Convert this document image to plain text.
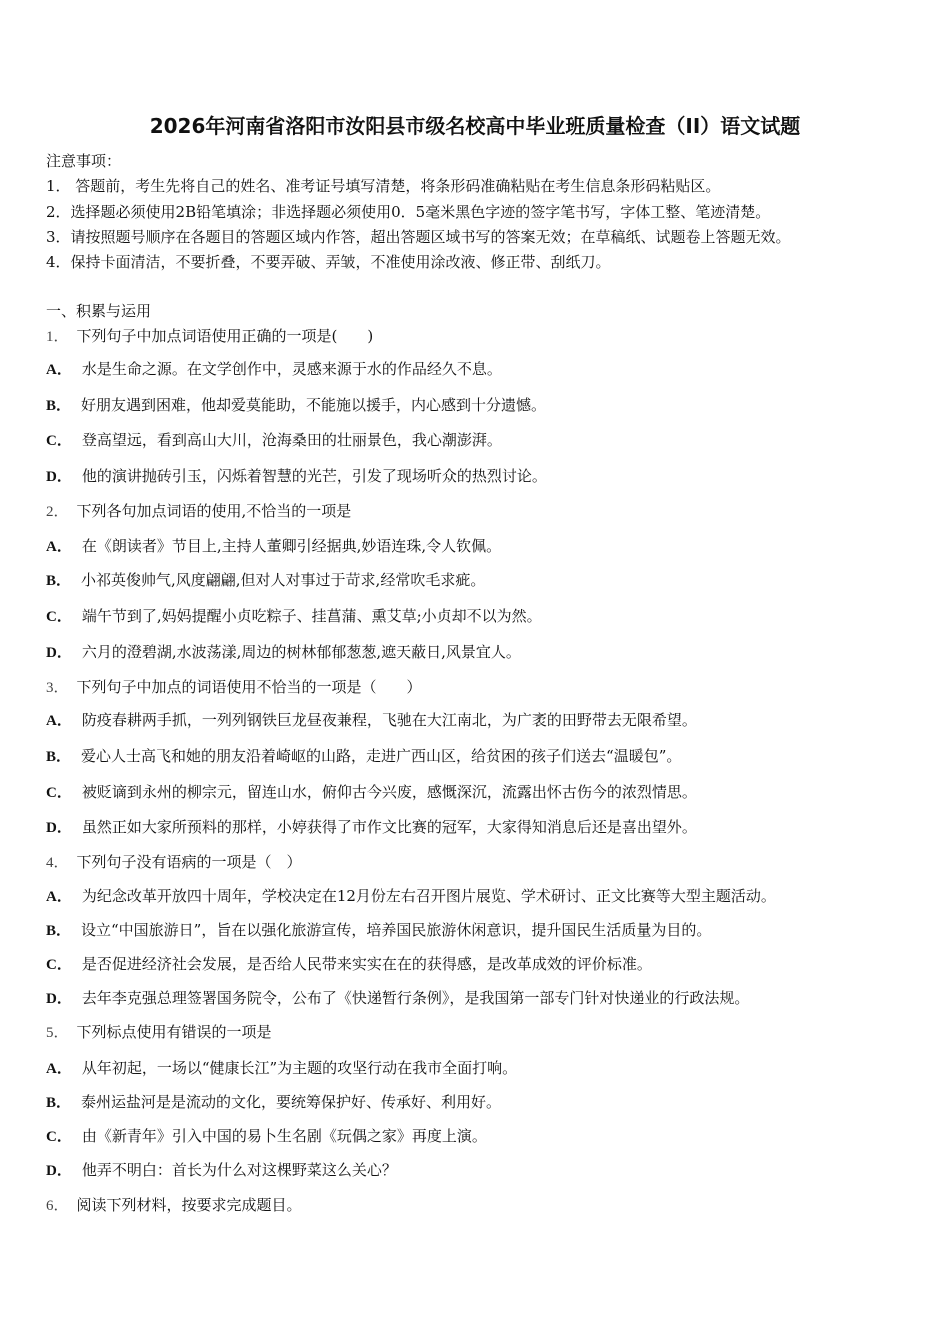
2026年河南省洛阳市汝阳县市级名校高中毕业班质量检查（II）语文试题
注意事项：
1． 答题前，考生先将自己的姓名、准考证号填写清楚，将条形码准确粘贴在考生信息条形码粘贴区。
2．选择题必须使用2B铅笔填涂；非选择题必须使用0．5毫米黑色字迹的签字笔书写，字体工整、笔迹清楚。
3．请按照题号顺序在各题目的答题区域内作答，超出答题区域书写的答案无效；在草稿纸、试题卷上答题无效。
4．保持卡面清洁，不要折叠，不要弄破、弄皱，不准使用涂改液、修正带、刮纸刀。
一、积累与运用
1． 下列句子中加点词语使用正确的一项是(　　)
A． 水是生命之源。在文学创作中，灵感来源于水的作品经久不息。
B． 好朋友遇到困难，他却爱莫能助，不能施以援手，内心感到十分遗憾。
C． 登高望远，看到高山大川，沧海桑田的壮丽景色，我心潮澎湃。
D． 他的演讲抛砖引玉，闪烁着智慧的光芒，引发了现场听众的热烈讨论。
2． 下列各句加点词语的使用,不恰当的一项是
A． 在《朗读者》节目上,主持人董卿引经据典,妙语连珠,令人钦佩。
B． 小祁英俊帅气,风度翩翩,但对人对事过于苛求,经常吹毛求疵。
C． 端午节到了,妈妈提醒小贞吃粽子、挂菖蒲、熏艾草;小贞却不以为然。
D． 六月的澄碧湖,水波荡漾,周边的树林郁郁葱葱,遮天蔽日,风景宜人。
3． 下列句子中加点的词语使用不恰当的一项是（　　）
A． 防疫春耕两手抓，一列列钢铁巨龙昼夜兼程，飞驰在大江南北，为广袤的田野带去无限希望。
B． 爱心人士高飞和她的朋友沿着崎岖的山路，走进广西山区，给贫困的孩子们送去“温暖包”。
C． 被贬谪到永州的柳宗元，留连山水，俯仰古今兴废，感慨深沉，流露出怀古伤今的浓烈情思。
D． 虽然正如大家所预料的那样，小婷获得了市作文比赛的冠军，大家得知消息后还是喜出望外。
4． 下列句子没有语病的一项是（　）
A． 为纪念改革开放四十周年，学校决定在12月份左右召开图片展览、学术研讨、正文比赛等大型主题活动。
B． 设立“中国旅游日”，旨在以强化旅游宣传，培养国民旅游休闲意识，提升国民生活质量为目的。
C． 是否促进经济社会发展，是否给人民带来实实在在的获得感，是改革成效的评价标准。
D． 去年李克强总理签署国务院令，公布了《快递暂行条例》，是我国第一部专门针对快递业的行政法规。
5． 下列标点使用有错误的一项是
A． 从年初起，一场以“健康长江”为主题的攻坚行动在我市全面打响。
B． 泰州运盐河是是流动的文化，要统筹保护好、传承好、利用好。
C． 由《新青年》引入中国的易卜生名剧《玩偶之家》再度上演。
D． 他弄不明白：首长为什么对这棵野菜这么关心？
6． 阅读下列材料，按要求完成题目。
